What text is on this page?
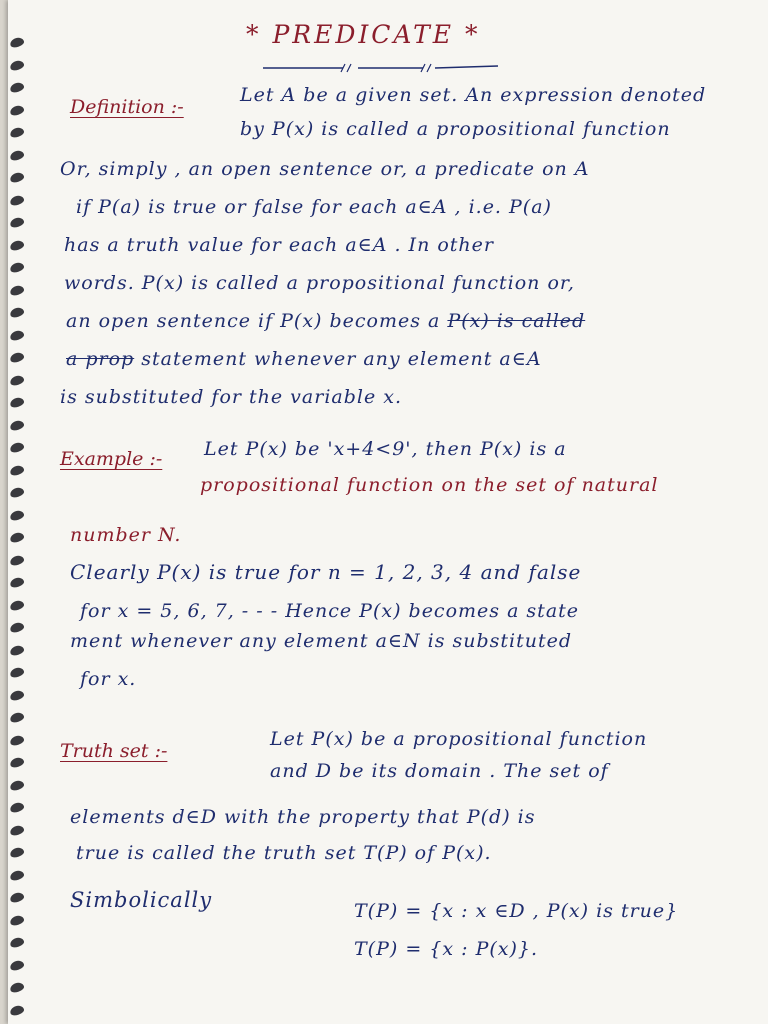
* PREDICATE *
Definition :-
Let A be a given set. An expression denoted
by P(x) is called a propositional function
Or, simply , an open sentence or, a predicate on A
if P(a) is true or false for each a∈A , i.e. P(a)
has a truth value for each a∈A . In other
words. P(x) is called a propositional function or,
an open sentence if P(x) becomes a P(x) is called
a prop statement whenever any element a∈A
is substituted for the variable x.
Example :- Let P(x) be 'x+4<9', then P(x) is a
propositional function on the set of natural
number N.
Clearly P(x) is true for n = 1, 2, 3, 4 and false
for x = 5, 6, 7, - - - Hence P(x) becomes a state
ment whenever any element a∈N is substituted
for x.
Truth set :-
Let P(x) be a propositional function
and D be its domain . The set of
elements d∈D with the property that P(d) is
true is called the truth set T(P) of P(x).
Simbolically	T(P) = {x : x ∈D , P(x) is true}
T(P) = {x : P(x)}.
